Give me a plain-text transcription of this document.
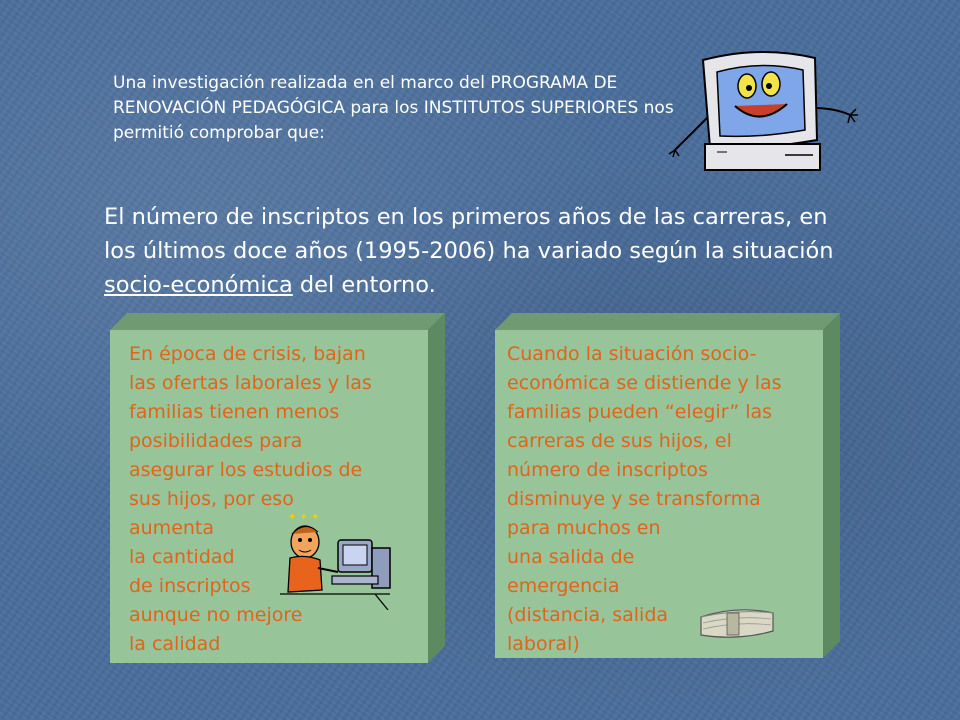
Una investigación realizada en el marco del PROGRAMA DE RENOVACIÓN PEDAGÓGICA para los INSTITUTOS SUPERIORES nos permitió comprobar que:
El número de inscriptos en los primeros años de las carreras, en los últimos doce años (1995-2006) ha variado según la situación socio-económica del entorno.
En época de crisis, bajan
las ofertas laborales y las
familias tienen menos
posibilidades para
asegurar los estudios de
sus hijos, por eso
aumenta
la cantidad
de inscriptos
aunque no mejore
la calidad
✦ ✦ ✦
Cuando la situación socio-
económica se distiende y las
familias pueden “elegir” las
carreras de sus hijos, el
número de inscriptos
disminuye y se transforma
para muchos en
una salida de
emergencia
(distancia, salida
laboral)
